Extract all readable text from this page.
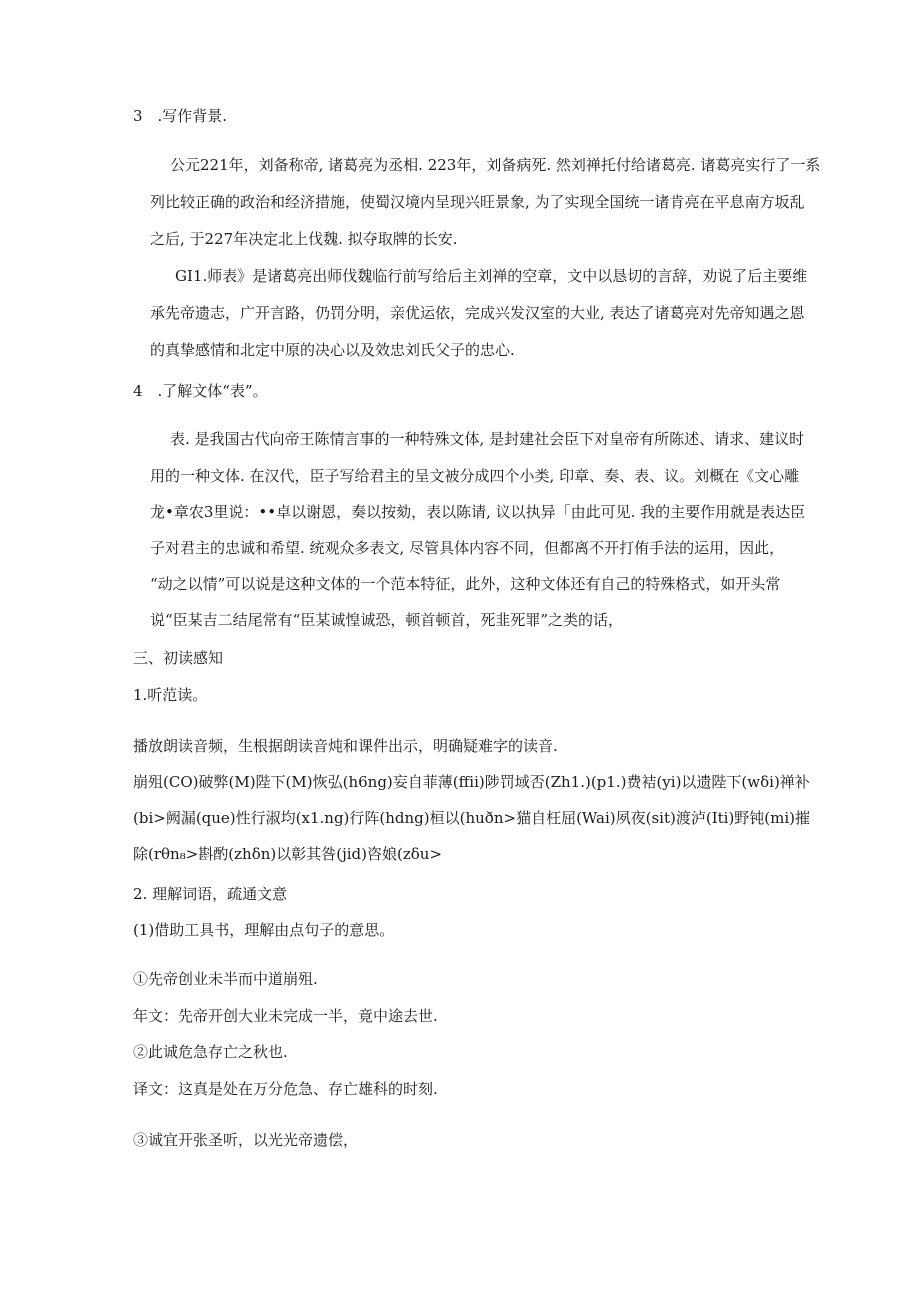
3　.写作背景.
公元221年，刘备称帝, 诸葛亮为丞相. 223年，刘备病死. 然刘禅托付给诸葛亮. 诸葛亮实行了一系
列比较正确的政治和经济措施，使蜀汉境内呈现兴旺景象, 为了实现全国统一诸肯亮在平息南方坂乱
之后, 于227年决定北上伐魏. 拟夺取牌的长安.
GI1.师表》是诸葛亮出师伐魏临行前写给后主刘禅的空章，文中以恳切的言辞，劝说了后主要维
承先帝遗志，广开言路，仍罚分明，亲优运依，完成兴发汉室的大业, 表达了诸葛亮对先帝知遇之恩
的真挚感情和北定中原的决心以及效忠刘氏父子的忠心.
4　.了解文体“表”。
表. 是我国古代向帝王陈情言事的一种特殊文体, 是封建社会臣下对皇帝有所陈述、请求、建议时
用的一种文体. 在汉代，臣子写给君主的呈文被分成四个小类, 印章、奏、表、议。刘概在《文心雕
龙•章农3里说：••卓以谢恩，奏以按劾，表以陈请, 议以执异「由此可见. 我的主要作用就是表达臣
子对君主的忠诚和希望. 统观众多表文, 尽管具体内容不同，但都离不开打侑手法的运用，因此，
“动之以情”可以说是这种文体的一个范本特征，此外，这种文体还有自己的特殊格式，如开头常
说“臣某吉二结尾常有“臣某诚惶诚恐，顿首顿首，死韭死罪”之类的话，
三、初读感知
1.听范读。
播放朗读音频，生根据朗读音炖和课件出示，明确疑难字的读音.
崩殂(CO)破弊(M)陛下(M)恢弘(h6ng)妄自菲薄(ffii)陟罚域否(Zh1.)(p1.)费袺(yi)以遗陛下(wδi)禅补
(bi>阙漏(que)性行淑均(x1.ng)行阵(hdng)桓以(huðn>猫自枉屈(Wai)夙夜(sit)渡泸(Iti)野钝(mi)摧
除(rθn₈>斟酌(zhδn)以彰其咎(jid)咨娘(zδu>
2. 理解词语，疏通文意
(1)借助工具书，理解由点句子的意思。
①先帝创业未半而中道崩殂.
年文：先帝开创大业未完成一半，竟中途去世.
②此诚危急存亡之秋也.
译文：这真是处在万分危急、存亡雄科的时刻.
③诚宜开张圣听，以光光帝遗偿，
